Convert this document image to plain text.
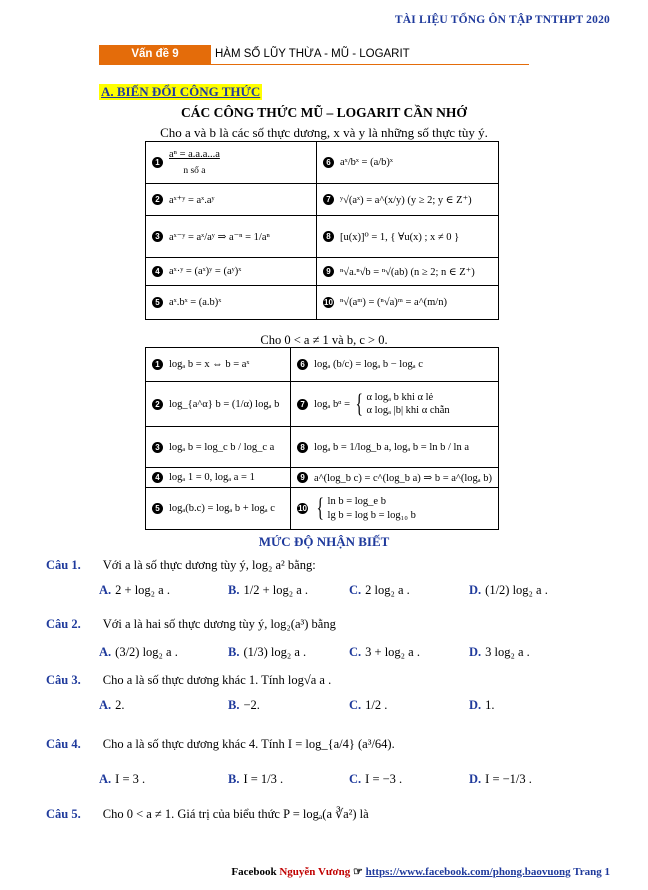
TÀI LIỆU TỔNG ÔN TẬP TNTHPT 2020
Vấn đề 9	HÀM SỐ LŨY THỪA - MŨ - LOGARIT
A. BIẾN ĐỔI CÔNG THỨC
CÁC CÔNG THỨC MŨ – LOGARIT CẦN NHỚ
Cho a và b là các số thực dương, x và y là những số thực tùy ý.
1
aⁿ = a.a.a...a
n số a	6 aˣ/bˣ = (a/b)ˣ

2 aˣ⁺ʸ = aˣ.aʸ	7 ʸ√(aˣ) = a^(x/y) (y ≥ 2; y ∈ Z⁺)

3 aˣ⁻ʸ = aˣ/aʸ ⇒ a⁻ⁿ = 1/aⁿ	8 [u(x)]⁰ = 1, { ∀u(x) ; x ≠ 0 }

4 aˣ·ʸ = (aˣ)ʸ = (aʸ)ˣ	9 ⁿ√a.ⁿ√b = ⁿ√(ab) (n ≥ 2; n ∈ Z⁺)

5 aˣ.bˣ = (a.b)ˣ	10 ⁿ√(aᵐ) = (ⁿ√a)ᵐ = a^(m/n)
Cho 0 < a ≠ 1 và b, c > 0.
1 logₐ b = x ⇔ b = aˣ	6 logₐ (b/c) = logₐ b − logₐ c

2 log_{a^α} b = (1/α) logₐ b	7 logₐ bᵅ = { α logₐ b khi α lẻ
α logₐ |b| khi α chẵn

3 logₐ b = log_c b / log_c a	8 logₐ b = 1/log_b a, logₐ b = ln b / ln a

4 logₐ 1 = 0, logₐ a = 1	9 a^(log_b c) = c^(log_b a) ⇒ b = a^(logₐ b)

5 logₐ(b.c) = logₐ b + logₐ c	10 { ln b = log_e b
lg b = log b = log₁₀ b
MỨC ĐỘ NHẬN BIẾT
Câu 1. Với a là số thực dương tùy ý, log₂ a² bằng:
A. 2 + log₂ a .	B. 1/2 + log₂ a .	C. 2 log₂ a .	D. (1/2) log₂ a .
Câu 2. Với a là hai số thực dương tùy ý, log₂(a³) bằng
A. (3/2) log₂ a .	B. (1/3) log₂ a .	C. 3 + log₂ a .	D. 3 log₂ a .
Câu 3. Cho a là số thực dương khác 1. Tính log√a a .
A. 2.	B. −2.	C. 1/2 .	D. 1.
Câu 4. Cho a là số thực dương khác 4. Tính I = log_{a/4} (a³/64).
A. I = 3 .	B. I = 1/3 .	C. I = −3 .	D. I = −1/3 .
Câu 5. Cho 0 < a ≠ 1. Giá trị của biểu thức P = logₐ(a ∛a²) là
Facebook Nguyễn Vương ☞ https://www.facebook.com/phong.baovuong Trang 1
